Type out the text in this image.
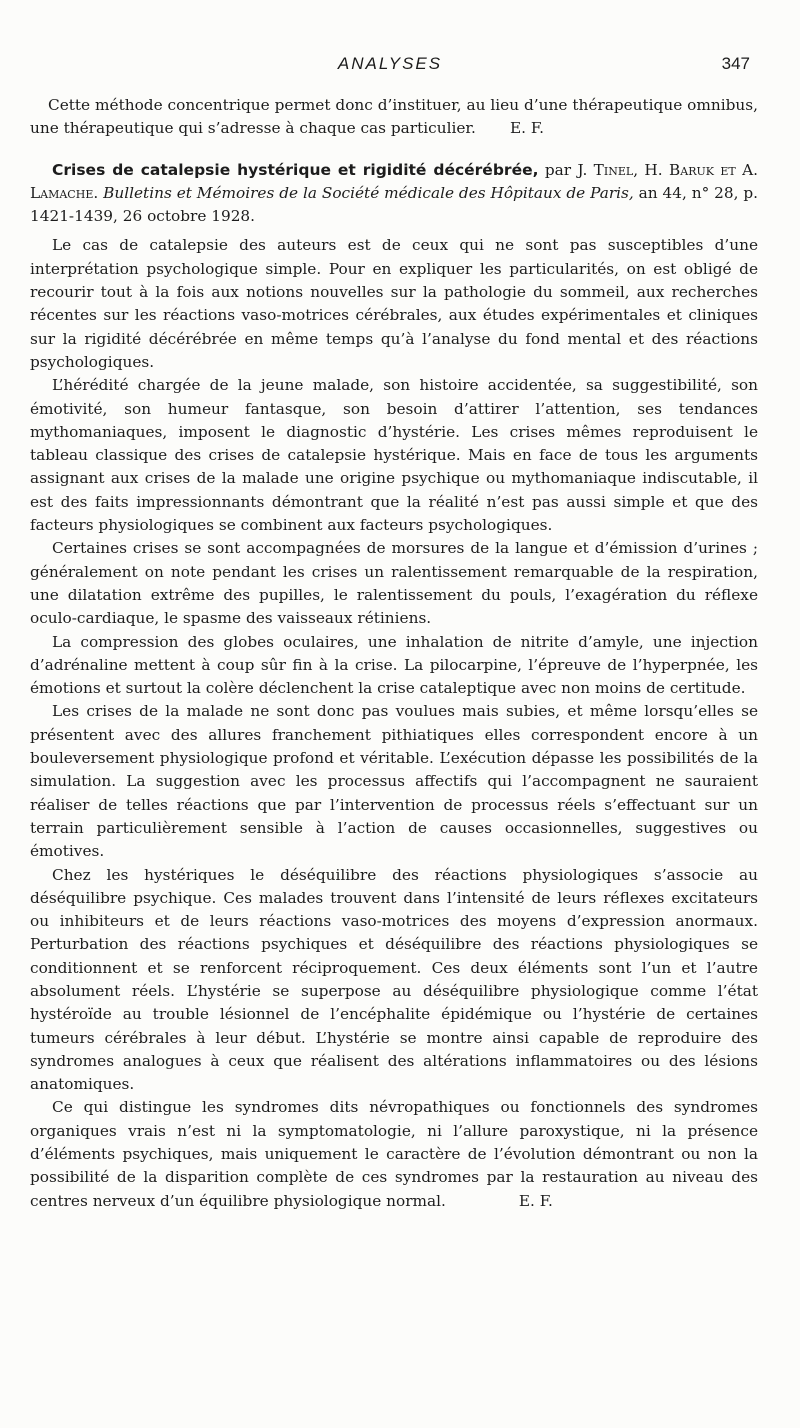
ANALYSES	347

Cette méthode concentrique permet donc d’instituer, au lieu d’une thérapeutique omnibus, une thérapeutique qui s’adresse à chaque cas particulier. E. F.

Crises de catalepsie hystérique et rigidité décérébrée, par J. Tinel, H. Baruk et A. Lamache. Bulletins et Mémoires de la Société médicale des Hôpitaux de Paris, an 44, n° 28, p. 1421-1439, 26 octobre 1928.

Le cas de catalepsie des auteurs est de ceux qui ne sont pas susceptibles d’une interprétation psychologique simple. Pour en expliquer les particularités, on est obligé de recourir tout à la fois aux notions nouvelles sur la pathologie du sommeil, aux recherches récentes sur les réactions vaso-motrices cérébrales, aux études expérimentales et cliniques sur la rigidité décérébrée en même temps qu’à l’analyse du fond mental et des réactions psychologiques.

L’hérédité chargée de la jeune malade, son histoire accidentée, sa suggestibilité, son émotivité, son humeur fantasque, son besoin d’attirer l’attention, ses tendances mythomaniaques, imposent le diagnostic d’hystérie. Les crises mêmes reproduisent le tableau classique des crises de catalepsie hystérique. Mais en face de tous les arguments assignant aux crises de la malade une origine psychique ou mythomaniaque indiscutable, il est des faits impressionnants démontrant que la réalité n’est pas aussi simple et que des facteurs physiologiques se combinent aux facteurs psychologiques.

Certaines crises se sont accompagnées de morsures de la langue et d’émission d’urines ; généralement on note pendant les crises un ralentissement remarquable de la respiration, une dilatation extrême des pupilles, le ralentissement du pouls, l’exagération du réflexe oculo-cardiaque, le spasme des vaisseaux rétiniens.

La compression des globes oculaires, une inhalation de nitrite d’amyle, une injection d’adrénaline mettent à coup sûr fin à la crise. La pilocarpine, l’épreuve de l’hyperpnée, les émotions et surtout la colère déclenchent la crise cataleptique avec non moins de certitude.

Les crises de la malade ne sont donc pas voulues mais subies, et même lorsqu’elles se présentent avec des allures franchement pithiatiques elles correspondent encore à un bouleversement physiologique profond et véritable. L’exécution dépasse les possibilités de la simulation. La suggestion avec les processus affectifs qui l’accompagnent ne sauraient réaliser de telles réactions que par l’intervention de processus réels s’effectuant sur un terrain particulièrement sensible à l’action de causes occasionnelles, suggestives ou émotives.

Chez les hystériques le déséquilibre des réactions physiologiques s’associe au déséquilibre psychique. Ces malades trouvent dans l’intensité de leurs réflexes excitateurs ou inhibiteurs et de leurs réactions vaso-motrices des moyens d’expression anormaux. Perturbation des réactions psychiques et déséquilibre des réactions physiologiques se conditionnent et se renforcent réciproquement. Ces deux éléments sont l’un et l’autre absolument réels. L’hystérie se superpose au déséquilibre physiologique comme l’état hystéroïde au trouble lésionnel de l’encéphalite épidémique ou l’hystérie de certaines tumeurs cérébrales à leur début. L’hystérie se montre ainsi capable de reproduire des syndromes analogues à ceux que réalisent des altérations inflammatoires ou des lésions anatomiques.

Ce qui distingue les syndromes dits névropathiques ou fonctionnels des syndromes organiques vrais n’est ni la symptomatologie, ni l’allure paroxystique, ni la présence d’éléments psychiques, mais uniquement le caractère de l’évolution démontrant ou non la possibilité de la disparition complète de ces syndromes par la restauration au niveau des centres nerveux d’un équilibre physiologique normal.	E. F.
